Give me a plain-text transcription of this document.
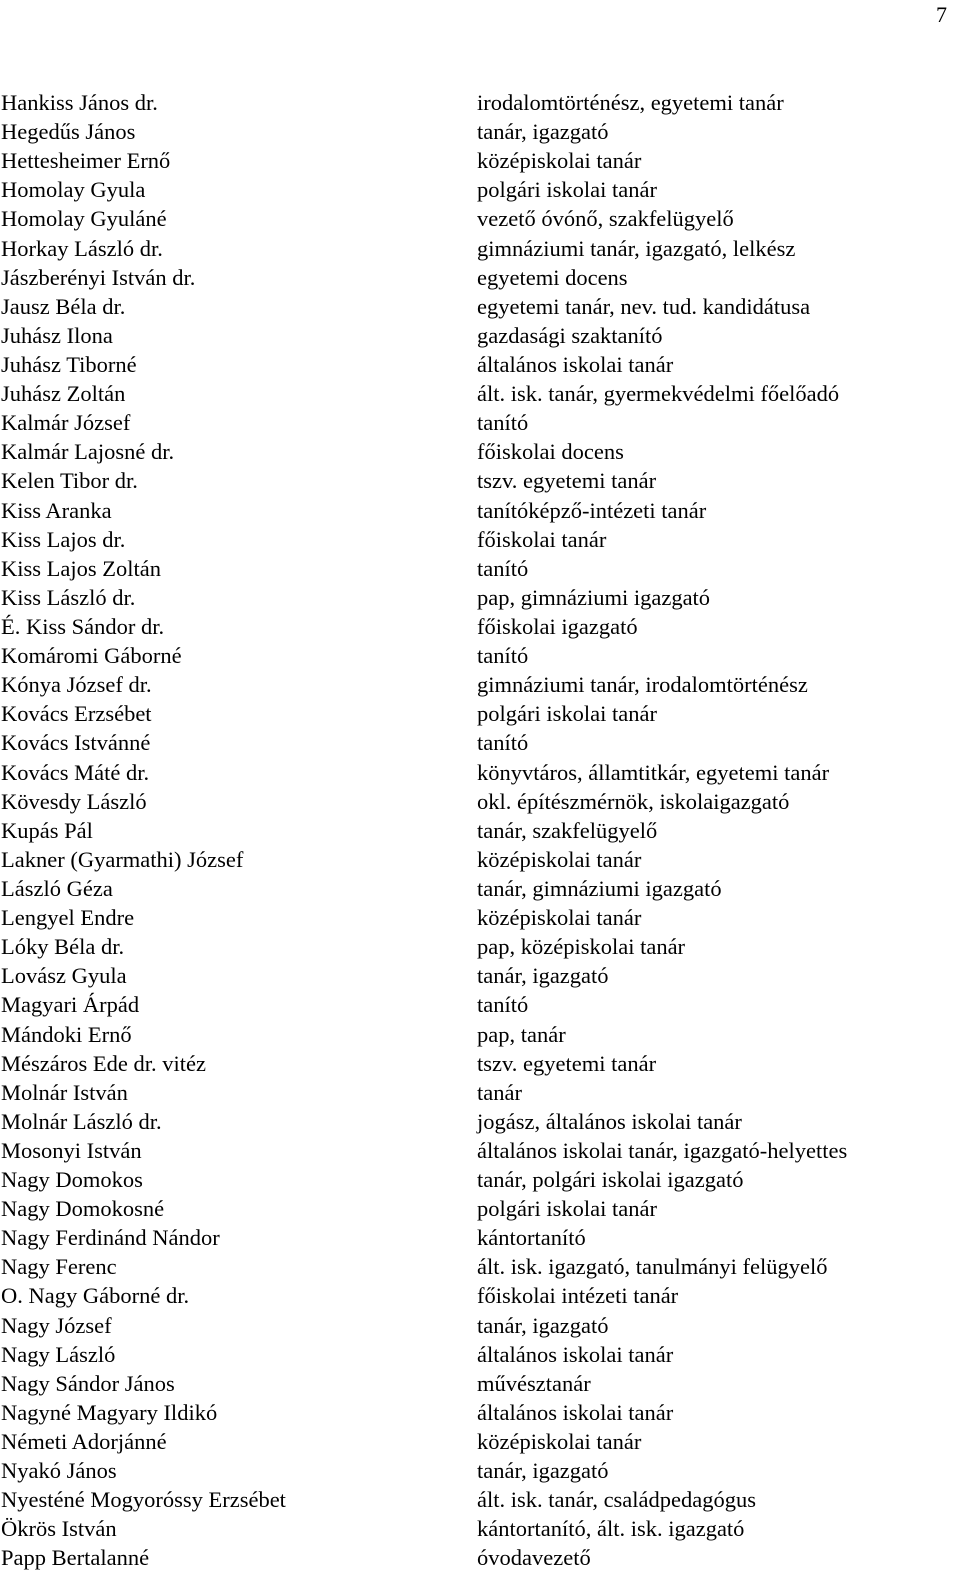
7
Hankiss János dr.	irodalomtörténész, egyetemi tanár
Hegedűs János	tanár, igazgató
Hettesheimer Ernő	középiskolai tanár
Homolay Gyula	polgári iskolai tanár
Homolay Gyuláné	vezető óvónő, szakfelügyelő
Horkay László dr.	gimnáziumi tanár, igazgató, lelkész
Jászberényi István dr.	egyetemi docens
Jausz Béla dr.	egyetemi tanár, nev. tud. kandidátusa
Juhász Ilona	gazdasági szaktanító
Juhász Tiborné	általános iskolai tanár
Juhász Zoltán	ált. isk. tanár, gyermekvédelmi főelőadó
Kalmár József	tanító
Kalmár Lajosné dr.	főiskolai docens
Kelen Tibor dr.	tszv. egyetemi tanár
Kiss Aranka	tanítóképző-intézeti tanár
Kiss Lajos dr.	főiskolai tanár
Kiss Lajos Zoltán	tanító
Kiss László dr.	pap, gimnáziumi igazgató
É. Kiss Sándor dr.	főiskolai igazgató
Komáromi Gáborné	tanító
Kónya József dr.	gimnáziumi tanár, irodalomtörténész
Kovács Erzsébet	polgári iskolai tanár
Kovács Istvánné	tanító
Kovács Máté dr.	könyvtáros, államtitkár, egyetemi tanár
Kövesdy László	okl. építészmérnök, iskolaigazgató
Kupás Pál	tanár, szakfelügyelő
Lakner (Gyarmathi) József	középiskolai tanár
László Géza	tanár, gimnáziumi igazgató
Lengyel Endre	középiskolai tanár
Lóky Béla dr.	pap, középiskolai tanár
Lovász Gyula	tanár, igazgató
Magyari Árpád	tanító
Mándoki Ernő	pap, tanár
Mészáros Ede dr. vitéz	tszv. egyetemi tanár
Molnár István	tanár
Molnár László dr.	jogász, általános iskolai tanár
Mosonyi István	általános iskolai tanár, igazgató-helyettes
Nagy Domokos	tanár, polgári iskolai igazgató
Nagy Domokosné	polgári iskolai tanár
Nagy Ferdinánd Nándor	kántortanító
Nagy Ferenc	ált. isk. igazgató, tanulmányi felügyelő
O. Nagy Gáborné dr.	főiskolai intézeti tanár
Nagy József	tanár, igazgató
Nagy László	általános iskolai tanár
Nagy Sándor János	művésztanár
Nagyné Magyary Ildikó	általános iskolai tanár
Németi Adorjánné	középiskolai tanár
Nyakó János	tanár, igazgató
Nyesténé Mogyoróssy Erzsébet	ált. isk. tanár, családpedagógus
Ökrös István	kántortanító, ált. isk. igazgató
Papp Bertalanné	óvodavezető
